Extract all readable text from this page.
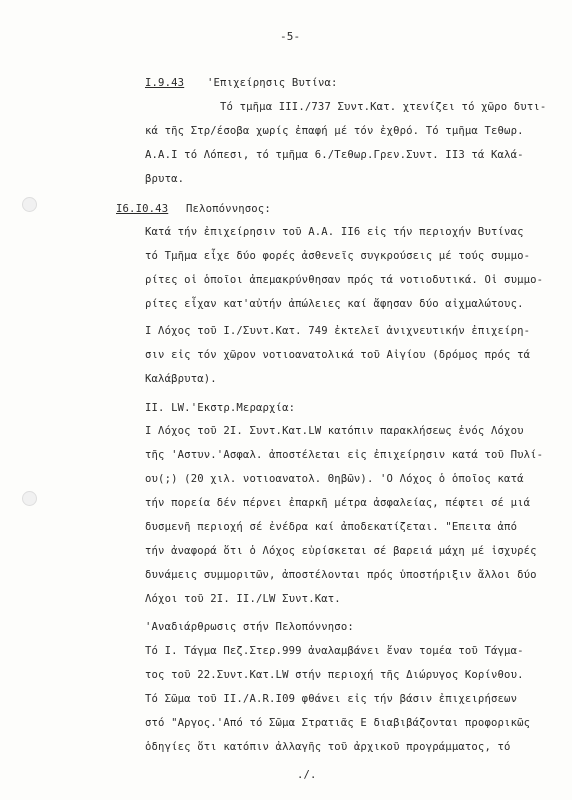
-5-
Ι.9.43 'Επιχείρησις Βυτίνα:
Τό τμῆμα ΙΙΙ./737 Συντ.Κατ. χτενίζει τό χῶρο δυτι-
κά τῆς Στρ/έσοβα χωρίς ἐπαφή μέ τόν ἐχθρό. Τό τμῆμα Τεθωρ.
Α.Α.Ι τό Λόπεσι, τό τμῆμα 6./Τεθωρ.Γρεν.Συντ. ΙΙ3 τά Καλά-
βρυτα.
Ι6.Ι0.43 Πελοπόννησος:
Κατά τήν ἐπιχείρησιν τοῦ Α.Α. ΙΙ6 εἰς τήν περιοχήν Βυτίνας
τό Τμῆμα εἶχε δύο φορές ἀσθενεῖς συγκρούσεις μέ τούς συμμο-
ρίτες οἱ ὁποῖοι ἀπεμακρύνθησαν πρός τά νοτιοδυτικά. Οἱ συμμο-
ρίτες εἶχαν κατ'αὐτήν ἀπώλειες καί ἄφησαν δύο αἰχμαλώτους.
Ι Λόχος τοῦ Ι./Συντ.Κατ. 749 ἐκτελεῖ ἀνιχνευτικήν ἐπιχείρη-
σιν εἰς τόν χῶρον νοτιοανατολικά τοῦ Αἰγίου (δρόμος πρός τά
Καλάβρυτα).
ΙΙ. LW.'Εκστρ.Μεραρχία:
Ι Λόχος τοῦ 2Ι. Συντ.Κατ.LW κατόπιν παρακλήσεως ἑνός Λόχου
τῆς 'Αστυν.'Ασφαλ. ἀποστέλεται εἰς ἐπιχείρησιν κατά τοῦ Πυλί-
ου(;) (20 χιλ. νοτιοανατολ. Θηβῶν). 'Ο Λόχος ὁ ὁποῖος κατά
τήν πορεία δέν πέρνει ἐπαρκῆ μέτρα ἀσφαλείας, πέφτει σέ μιά
δυσμενῆ περιοχή σέ ἐνέδρα καί ἀποδεκατίζεται. "Επειτα ἀπό
τήν ἀναφορά ὅτι ὁ Λόχος εὑρίσκεται σέ βαρειά μάχη μέ ἰσχυρές
δυνάμεις συμμοριτῶν, ἀποστέλονται πρός ὑποστήριξιν ἄλλοι δύο
Λόχοι τοῦ 2Ι. ΙΙ./LW Συντ.Κατ.
'Αναδιάρθρωσις στήν Πελοπόννησο:
Τό Ι. Τάγμα Πεζ.Στερ.999 ἀναλαμβάνει ἕναν τομέα τοῦ Τάγμα-
τος τοῦ 22.Συντ.Κατ.LW στήν περιοχή τῆς Διώρυγος Κορίνθου.
Τό Σῶμα τοῦ ΙΙ./Α.R.Ι09 φθάνει εἰς τήν βάσιν ἐπιχειρήσεων
στό "Αργος.'Από τό Σῶμα Στρατιᾶς Ε διαβιβάζονται προφορικῶς
ὁδηγίες ὅτι κατόπιν ἀλλαγῆς τοῦ ἀρχικοῦ προγράμματος, τό
./.
